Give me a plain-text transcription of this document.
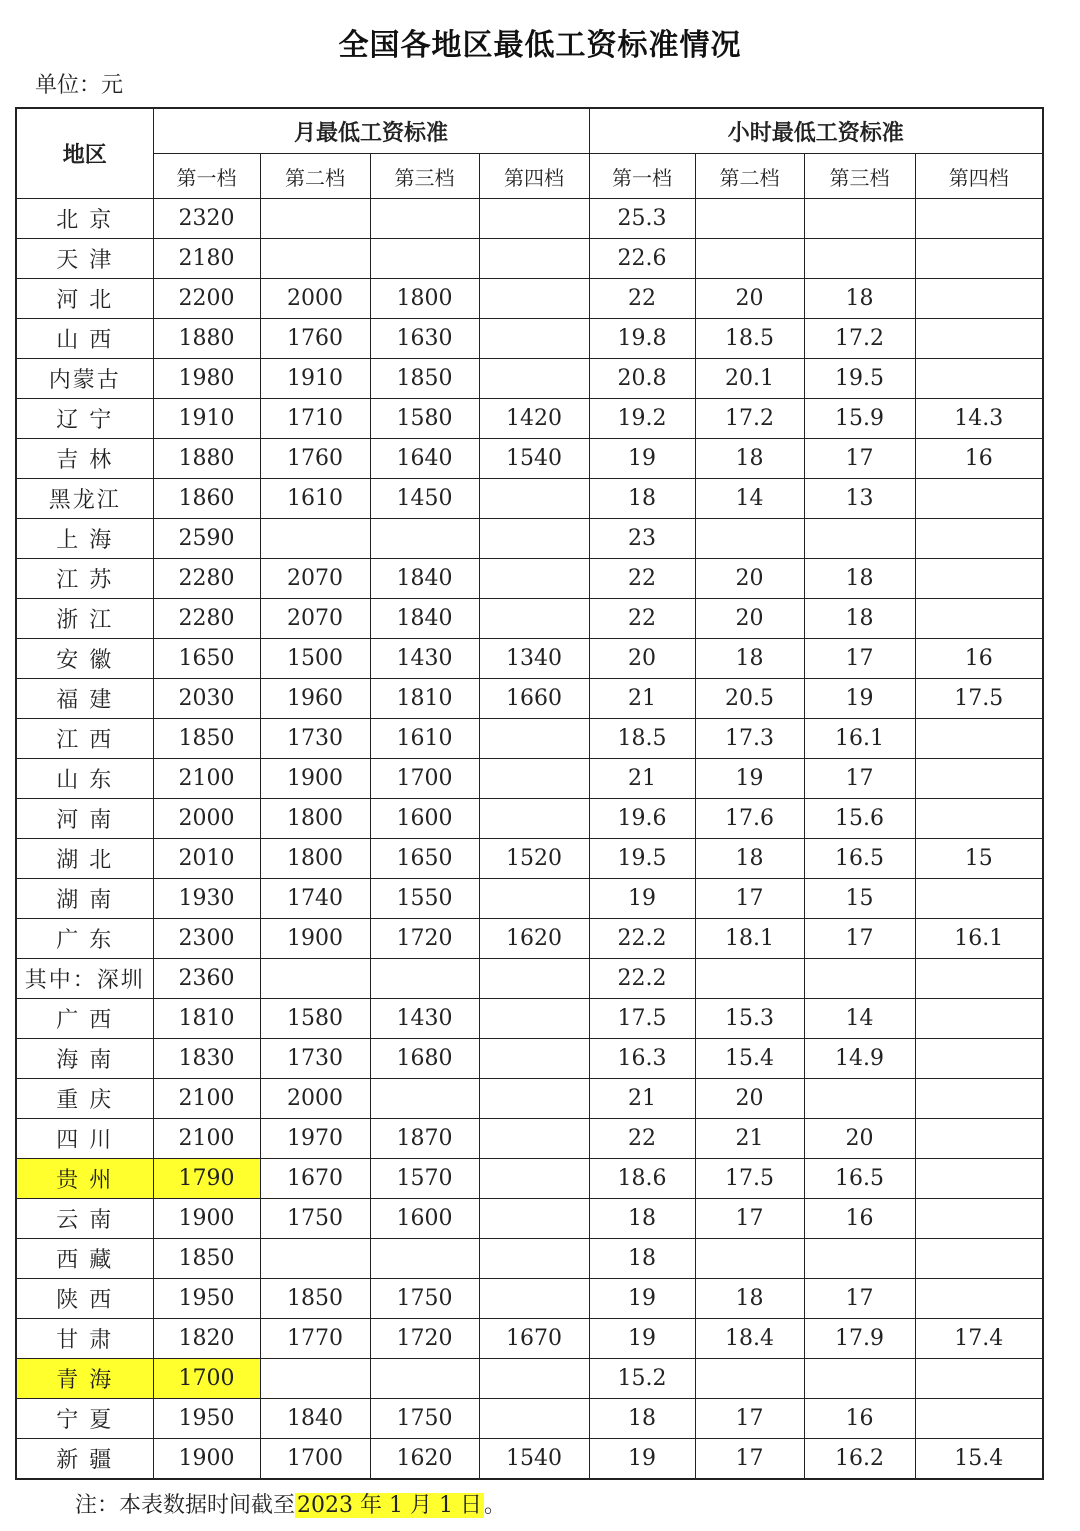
全国各地区最低工资标准情况
单位：元
地区	月最低工资标准				小时最低工资标准			
	第一档	第二档	第三档	第四档	第一档	第二档	第三档	第四档
北 京	2320				25.3			
天 津	2180				22.6			
河 北	2200	2000	1800		22	20	18	
山 西	1880	1760	1630		19.8	18.5	17.2	
内蒙古	1980	1910	1850		20.8	20.1	19.5	
辽 宁	1910	1710	1580	1420	19.2	17.2	15.9	14.3
吉 林	1880	1760	1640	1540	19	18	17	16
黑龙江	1860	1610	1450		18	14	13	
上 海	2590				23			
江 苏	2280	2070	1840		22	20	18	
浙 江	2280	2070	1840		22	20	18	
安 徽	1650	1500	1430	1340	20	18	17	16
福 建	2030	1960	1810	1660	21	20.5	19	17.5
江 西	1850	1730	1610		18.5	17.3	16.1	
山 东	2100	1900	1700		21	19	17	
河 南	2000	1800	1600		19.6	17.6	15.6	
湖 北	2010	1800	1650	1520	19.5	18	16.5	15
湖 南	1930	1740	1550		19	17	15	
广 东	2300	1900	1720	1620	22.2	18.1	17	16.1
其中：深圳	2360				22.2			
广 西	1810	1580	1430		17.5	15.3	14	
海 南	1830	1730	1680		16.3	15.4	14.9	
重 庆	2100	2000			21	20		
四 川	2100	1970	1870		22	21	20	
贵 州	1790	1670	1570		18.6	17.5	16.5	
云 南	1900	1750	1600		18	17	16	
西 藏	1850				18			
陕 西	1950	1850	1750		19	18	17	
甘 肃	1820	1770	1720	1670	19	18.4	17.9	17.4
青 海	1700				15.2			
宁 夏	1950	1840	1750		18	17	16	
新 疆	1900	1700	1620	1540	19	17	16.2	15.4
注：本表数据时间截至2023 年 1 月 1 日。
